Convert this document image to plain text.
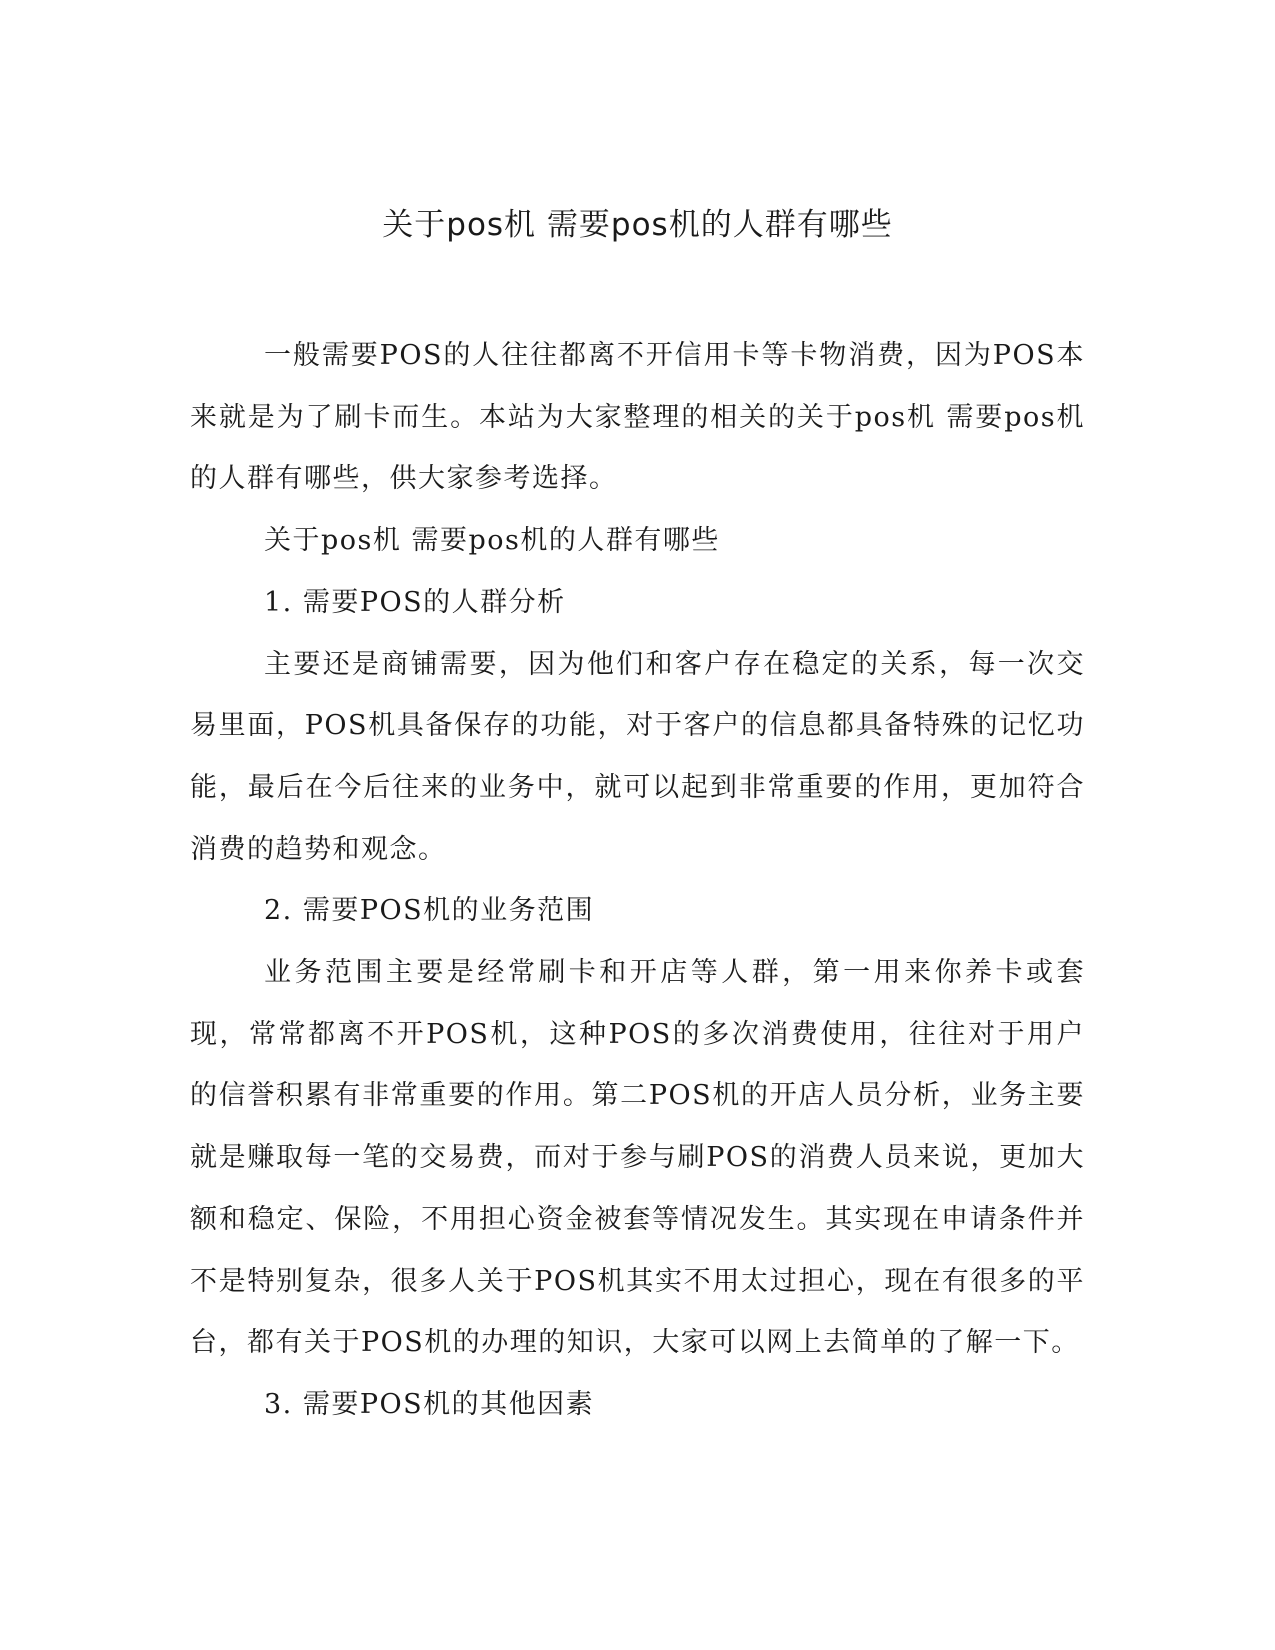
关于pos机 需要pos机的人群有哪些

一般需要POS的人往往都离不开信用卡等卡物消费，因为POS本来就是为了刷卡而生。本站为大家整理的相关的关于pos机 需要pos机的人群有哪些，供大家参考选择。

关于pos机 需要pos机的人群有哪些

1. 需要POS的人群分析

主要还是商铺需要，因为他们和客户存在稳定的关系，每一次交易里面，POS机具备保存的功能，对于客户的信息都具备特殊的记忆功能，最后在今后往来的业务中，就可以起到非常重要的作用，更加符合消费的趋势和观念。

2. 需要POS机的业务范围

业务范围主要是经常刷卡和开店等人群，第一用来你养卡或套现，常常都离不开POS机，这种POS的多次消费使用，往往对于用户的信誉积累有非常重要的作用。第二POS机的开店人员分析，业务主要就是赚取每一笔的交易费，而对于参与刷POS的消费人员来说，更加大额和稳定、保险，不用担心资金被套等情况发生。其实现在申请条件并不是特别复杂，很多人关于POS机其实不用太过担心，现在有很多的平台，都有关于POS机的办理的知识，大家可以网上去简单的了解一下。

3. 需要POS机的其他因素
